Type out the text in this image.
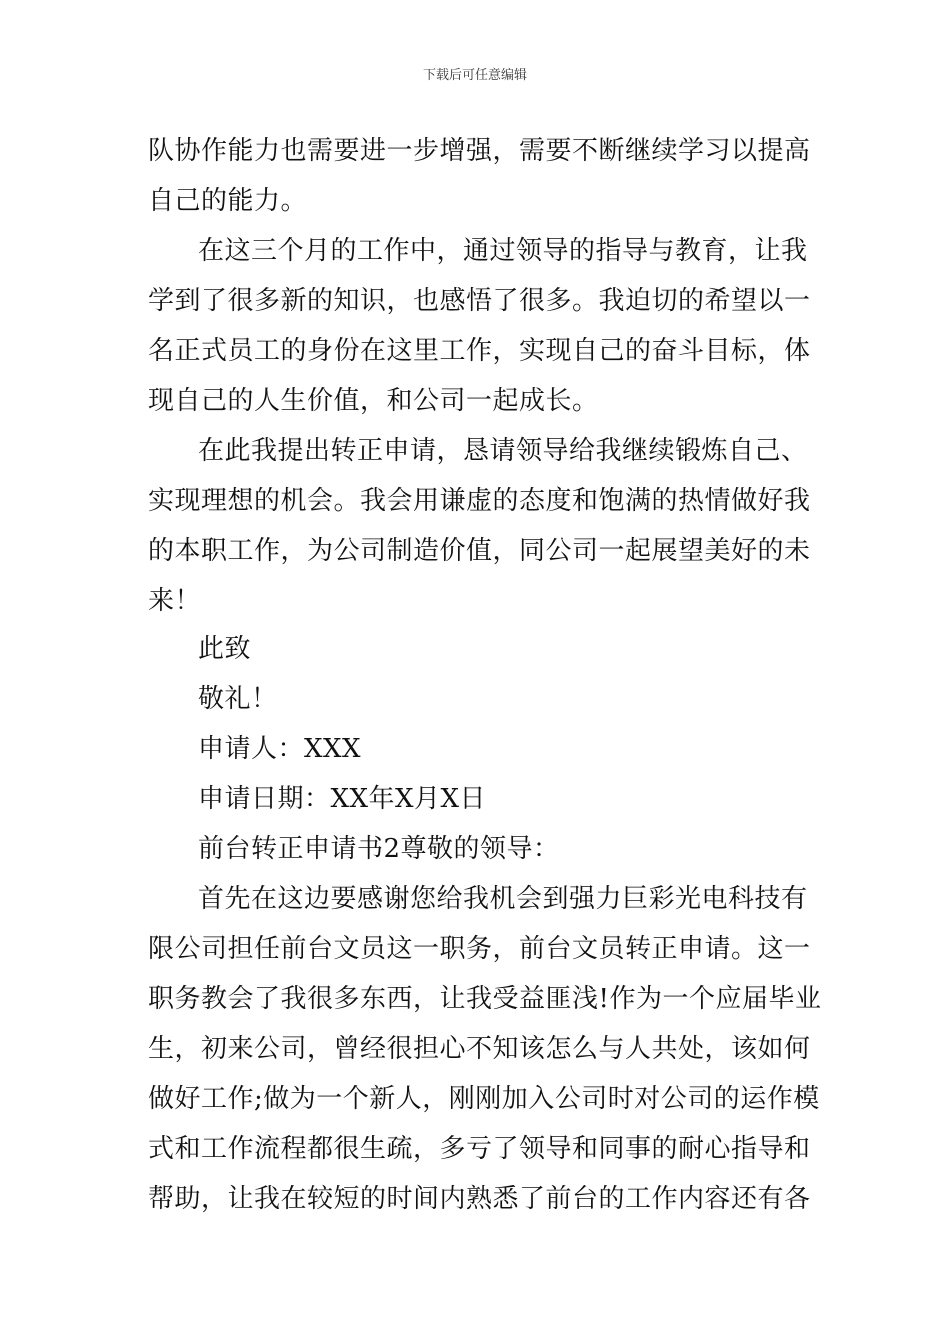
下载后可任意编辑
队协作能力也需要进一步增强，需要不断继续学习以提高
自己的能力。
在这三个月的工作中，通过领导的指导与教育，让我
学到了很多新的知识，也感悟了很多。我迫切的希望以一
名正式员工的身份在这里工作，实现自己的奋斗目标，体
现自己的人生价值，和公司一起成长。
在此我提出转正申请，恳请领导给我继续锻炼自己、
实现理想的机会。我会用谦虚的态度和饱满的热情做好我
的本职工作，为公司制造价值，同公司一起展望美好的未
来！
此致
敬礼！
申请人：XXX
申请日期：XX年X月X日
前台转正申请书2尊敬的领导：
首先在这边要感谢您给我机会到强力巨彩光电科技有
限公司担任前台文员这一职务，前台文员转正申请。这一
职务教会了我很多东西，让我受益匪浅!作为一个应届毕业
生，初来公司，曾经很担心不知该怎么与人共处，该如何
做好工作;做为一个新人，刚刚加入公司时对公司的运作模
式和工作流程都很生疏，多亏了领导和同事的耐心指导和
帮助，让我在较短的时间内熟悉了前台的工作内容还有各
